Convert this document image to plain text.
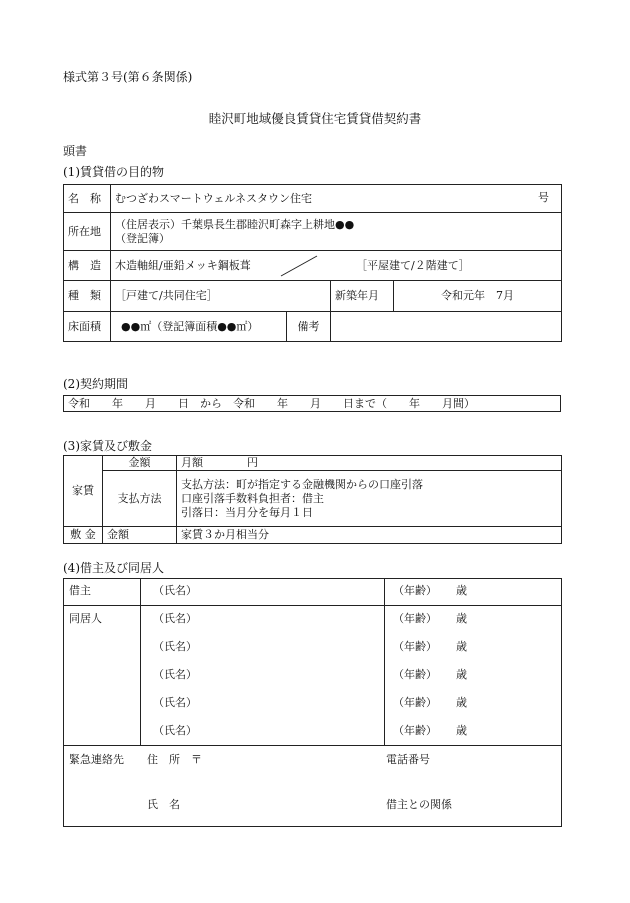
様式第３号(第６条関係)
睦沢町地域優良賃貸住宅賃貸借契約書
頭書
(1)賃貸借の目的物
名　称	むつざわスマートウェルネスタウン住宅 号			

所在地	（住居表示）千葉県長生郡睦沢町森字上耕地●●
（登記簿）			

構　造	木造軸組/亜鉛メッキ鋼板葺 ［平屋建て/２階建て］			

種　類	［戸建て/共同住宅］		新築年月	令和元年　7月
床面積	●●㎡（登記簿面積●●㎡）	備考		
(2)契約期間
令和　　年　　月　　日　から　令和　　年　　月　　日まで（　　年　　月間）
(3)家賃及び敷金
家賃	金額	月額　　　　円
	支払方法	支払方法：町が指定する金融機関からの口座引落
口座引落手数料負担者：借主
引落日：当月分を毎月１日

敷 金	金額	家賃３か月相当分
(4)借主及び同居人
借主	（氏名）	（年齢） 歳
同居人	（氏名）	（年齢） 歳
（氏名）	（年齢） 歳
（氏名）	（年齢） 歳
（氏名）	（年齢） 歳
（氏名）	（年齢） 歳
緊急連絡先 住　所　〒	電話番号
氏　名	借主との関係
